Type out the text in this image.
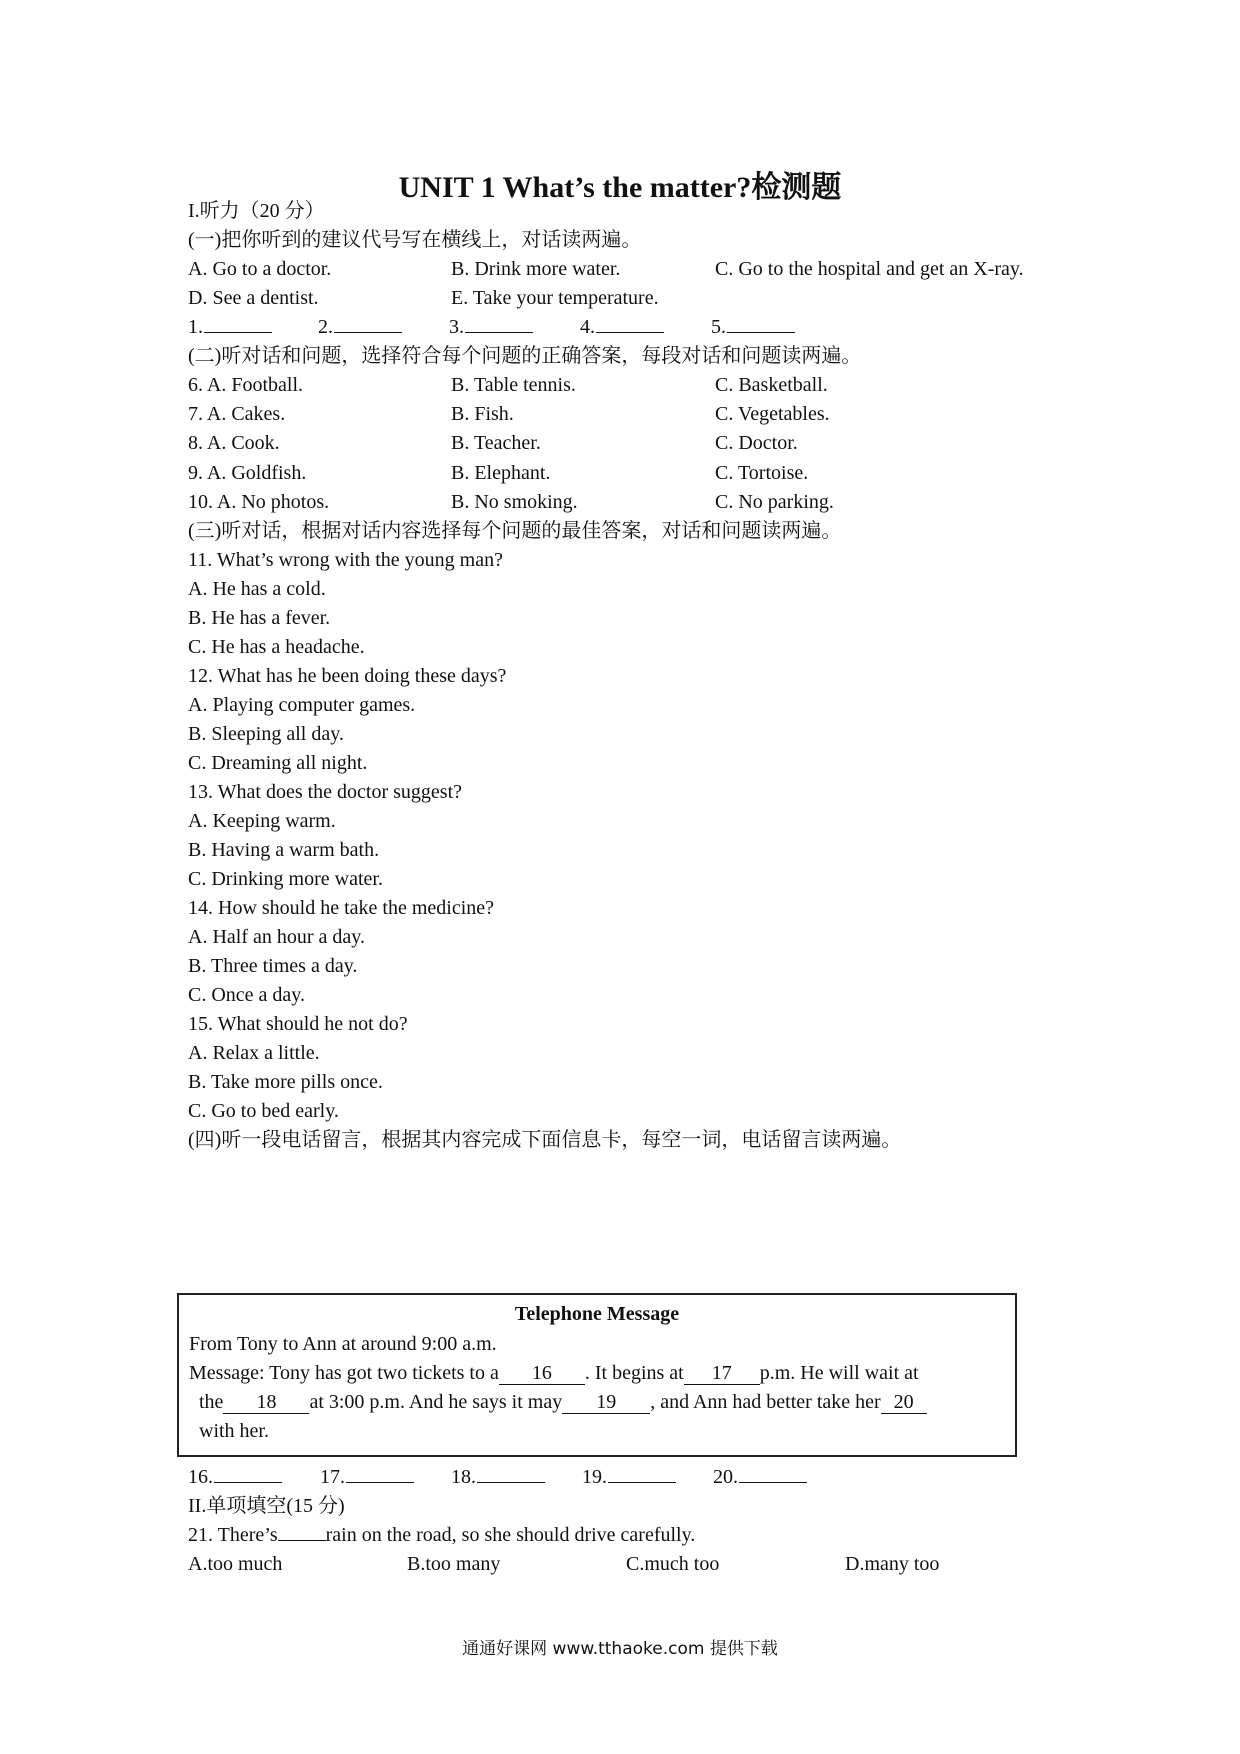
UNIT 1 What’s the matter?检测题
I.听力（20 分）
(一)把你听到的建议代号写在横线上，对话读两遍。
A. Go to a doctor.	B. Drink more water.	C. Go to the hospital and get an X-ray.
D. See a dentist.	E. Take your temperature.
1.	2.	3.	4.	5.
(二)听对话和问题，选择符合每个问题的正确答案，每段对话和问题读两遍。
6. A. Football.	B. Table tennis.	C. Basketball.
7. A. Cakes.	B. Fish.	C. Vegetables.
8. A. Cook.	B. Teacher.	C. Doctor.
9. A. Goldfish.	B. Elephant.	C. Tortoise.
10. A. No photos.	B. No smoking.	C. No parking.
(三)听对话，根据对话内容选择每个问题的最佳答案，对话和问题读两遍。
11. What’s wrong with the young man?
A. He has a cold.
B. He has a fever.
C. He has a headache.
12. What has he been doing these days?
A. Playing computer games.
B. Sleeping all day.
C. Dreaming all night.
13. What does the doctor suggest?
A. Keeping warm.
B. Having a warm bath.
C. Drinking more water.
14. How should he take the medicine?
A. Half an hour a day.
B. Three times a day.
C. Once a day.
15. What should he not do?
A. Relax a little.
B. Take more pills once.
C. Go to bed early.
(四)听一段电话留言，根据其内容完成下面信息卡，每空一词，电话留言读两遍。
Telephone Message
From Tony to Ann at around 9:00 a.m.
Message: Tony has got two tickets to a 16 . It begins at 17 p.m. He will wait at
the 18 at 3:00 p.m. And he says it may 19 , and Ann had better take her 20
with her.
16.	17.	18.	19.	20.
II.单项填空(15 分)
21. There’s rain on the road, so she should drive carefully.
A.too much	B.too many	C.much too	D.many too
通通好课网 www.tthaoke.com 提供下载
